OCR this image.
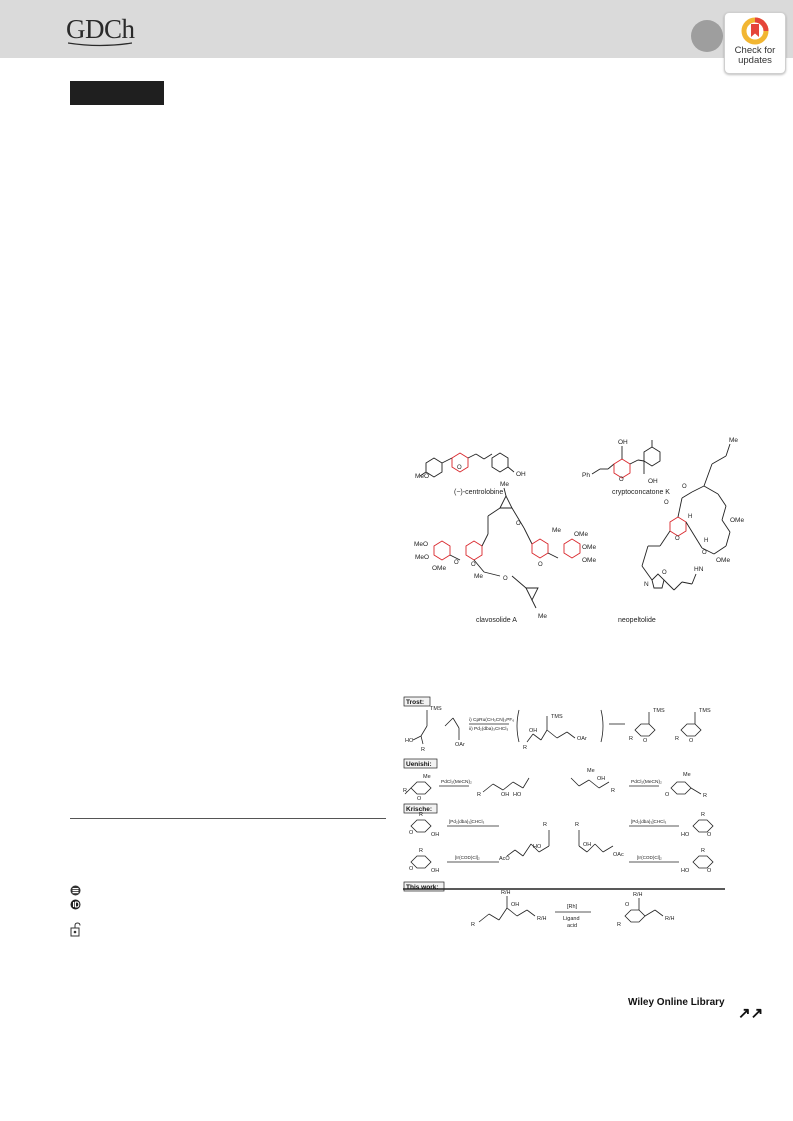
GDCh
Check for
updates
MeO	OH
O
Ph
OH
O	OH
Me
O
Me
O
OMe
MeO
MeO
O
OMe	O
Me	O
OMe
OMe
Me
O
O
OMe
O
H
H
N
O	HN
O
OMe
Me
(−)-centrolobine	cryptoconcatone K
clavosolide A	neopeltolide
Trost:
Uenishi:
Krische:
This work:
TMS
HO
R
OAr
TMS
OH
R
OAr
TMS	TMS
O
R	O
R
i) CpRu(CH₃CN)₃PF₆
ii) Pd₂(dba)₃CHCl₃
Me
O
R
OH HO
R
Me
OH
R
Me
O	R
PdCl₂(MeCN)₂	PdCl₂(MeCN)₂
R
O	OH
R
O	OH
R
HO
AcO
R
OH
OAc
R
O
HO
R
O
HO
[Pd₂(dba)₃]CHCl₃
[Ir(COD)Cl]₂
[Pd₂(dba)₃]CHCl₃
[Ir(COD)Cl]₂
R/H
OH
R
R/H
R/H
O
R
R/H
[Rh]
Ligand
acid
Wiley Online Library
↗↗
